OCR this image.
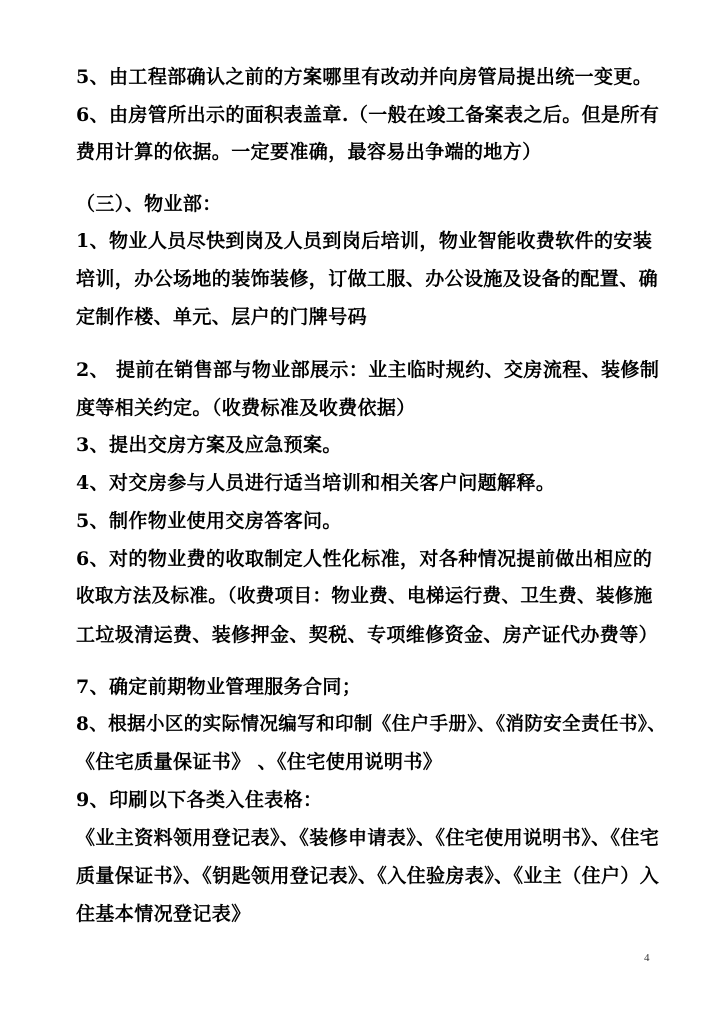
5、由工程部确认之前的方案哪里有改动并向房管局提出统一变更。
6、由房管所出示的面积表盖章.（一般在竣工备案表之后。但是所有
费用计算的依据。一定要准确，最容易出争端的地方）
（三）、物业部：
1、物业人员尽快到岗及人员到岗后培训，物业智能收费软件的安装
培训，办公场地的装饰装修，订做工服、办公设施及设备的配置、确
定制作楼、单元、层户的门牌号码
2、 提前在销售部与物业部展示：业主临时规约、交房流程、装修制
度等相关约定。（收费标准及收费依据）
3、提出交房方案及应急预案。
4、对交房参与人员进行适当培训和相关客户问题解释。
5、制作物业使用交房答客问。
6、对的物业费的收取制定人性化标准，对各种情况提前做出相应的
收取方法及标准。（收费项目：物业费、电梯运行费、卫生费、装修施
工垃圾清运费、装修押金、契税、专项维修资金、房产证代办费等）
7、确定前期物业管理服务合同；
8、根据小区的实际情况编写和印制《住户手册》、《消防安全责任书》、
《住宅质量保证书》 、《住宅使用说明书》
9、印刷以下各类入住表格：
《业主资料领用登记表》、《装修申请表》、《住宅使用说明书》、《住宅
质量保证书》、《钥匙领用登记表》、《入住验房表》、《业主（住户）入
住基本情况登记表》
4
